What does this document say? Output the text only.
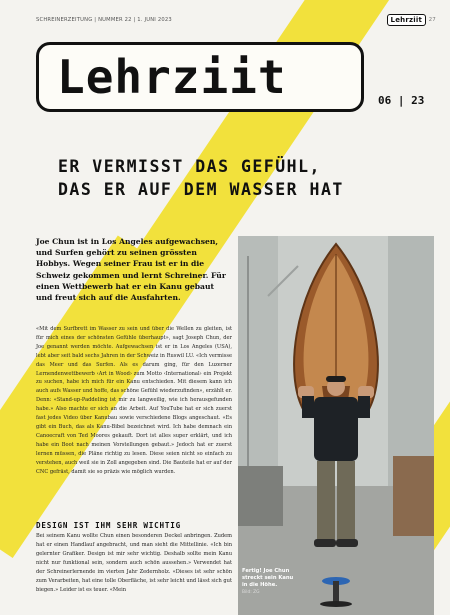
SCHREINERZEITUNG | NUMMER 22 | 1. JUNI 2023	Lehrziit	27
Lehrziit	06 | 23
ER VERMISST DAS GEFÜHL,
DAS ER AUF DEM WASSER HAT

Joe Chun ist in Los Angeles aufgewachsen, und Surfen gehört zu seinen grössten Hobbys. Wegen seiner Frau ist er in die Schweiz gekommen und lernt Schreiner. Für einen Wettbewerb hat er ein Kanu gebaut und freut sich auf die Ausfahrten.

«Mit dem Surfbrett im Wasser zu sein und über die Wellen zu gleiten, ist für mich eines der schönsten Gefühle überhaupt», sagt Joseph Chun, der Joe genannt werden möchte. Aufgewachsen ist er in Los Angeles (USA), lebt aber seit bald sechs Jahren in der Schweiz in Ruswil LU. «Ich vermisse das Meer und das Surfen. Als es darum ging, für den Luzerner Lernendenwettbewerb ‹Art in Wood› zum Motto ‹International› ein Projekt zu suchen, habe ich mich für ein Kanu entschieden. Mit diesem kann ich auch aufs Wasser und hoffe, das schöne Gefühl wiederzufinden», erzählt er. Denn: «Stand-up-Paddeling ist mir zu langweilig, wie ich herausgefunden habe.» Also machte er sich an die Arbeit. Auf YouTube hat er sich zuerst fast jedes Video über Kanubau sowie verschiedene Blogs angeschaut. «Es gibt ein Buch, das als Kanu-Bibel bezeichnet wird. Ich habe demnach ein Canoecraft von Ted Moores gekauft. Dort ist alles super erklärt, und ich habe ein Boot nach meinen Vorstellungen gebaut.» Jedoch hat er zuerst lernen müssen, die Pläne richtig zu lesen. Diese seien nicht so einfach zu verstehen, auch weil sie in Zoll angegeben sind. Die Bauteile hat er auf der CNC gefräst, damit sie so präzis wie möglich wurden.

DESIGN IST IHM SEHR WICHTIG

Bei seinem Kanu wollte Chun einen besonderen Deckel anbringen. Zudem hat er einen Handlauf angebracht, und man sieht die Mittellinie. «Ich bin gelernter Grafiker. Design ist mir sehr wichtig. Deshalb sollte mein Kanu nicht nur funktional sein, sondern auch schön aussehen.» Verwendet hat der Schreinerlernende im vierten Jahr Zedernholz. «Dieses ist sehr schön zum Verarbeiten, hat eine tolle Oberfläche, ist sehr leicht und lässt sich gut biegen.» Leider ist es teuer. «Mein

Fertig! Joe Chun streckt sein Kanu in die Höhe.
Bild: ZG
